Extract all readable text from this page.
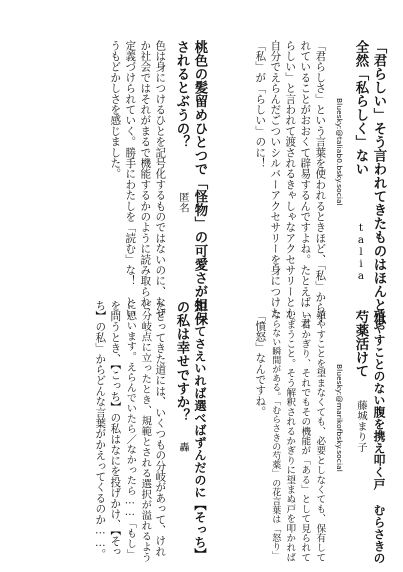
「君らしい」そう言われてきたものはほんとは
全然「私らしく」ない
talia
Bluesky:@taliab0.bsky.social
「君らしさ」という言葉を使われるときほど、「私」からず
れていることがおおくて辟易するんですよね。たとえば「君
らしい」と言われて渡されるきゃしゃなアクセサリーとか。
自分でえらんだごついシルバーアクセサリーを身につけた
「私」が「らしい」のに！
桃色の髪留めひとつで「怪物」の可愛さが担保
されるとぶうの？
匿名
色は身につけるひとを記号化するものではないのに、なぜ
か社会ではそれがまるで機能するかのように読み取られ、
定義づけられていく。勝手にわたしを「読む」な！　とい
うもどかしさを感じました。
殖やすことのない腹を携え叩く戸 むらさきの
芍薬活けて
藤城まり子
Bluesky:@marikofbsky.social
殖やすことを望まなくても、必要としなくても、保有して
いるかぎり、それでもその機能が「ある」として見られて
しまうこと。そう解釈されるかぎりに望まぬ戸を叩かれば
ならない瞬間がある。「むらさきの芍薬」の花言葉は「怒り」
「憤怒」なんですね。
知ってさえいれば選べばずんだのに【そっち】
の私は幸せですか？
轟
たどってきた道には、いくつもの分岐があって、けれ
ど分岐点に立ったとき、規範とされる選択が溢れるよう
に思います。えらんでいたら／なかったら……「もし」
を問うとき、【こっち】の私はなにを投げかけ、【そっ
ち】の私」からどんな言葉がかえってくるのか……。
